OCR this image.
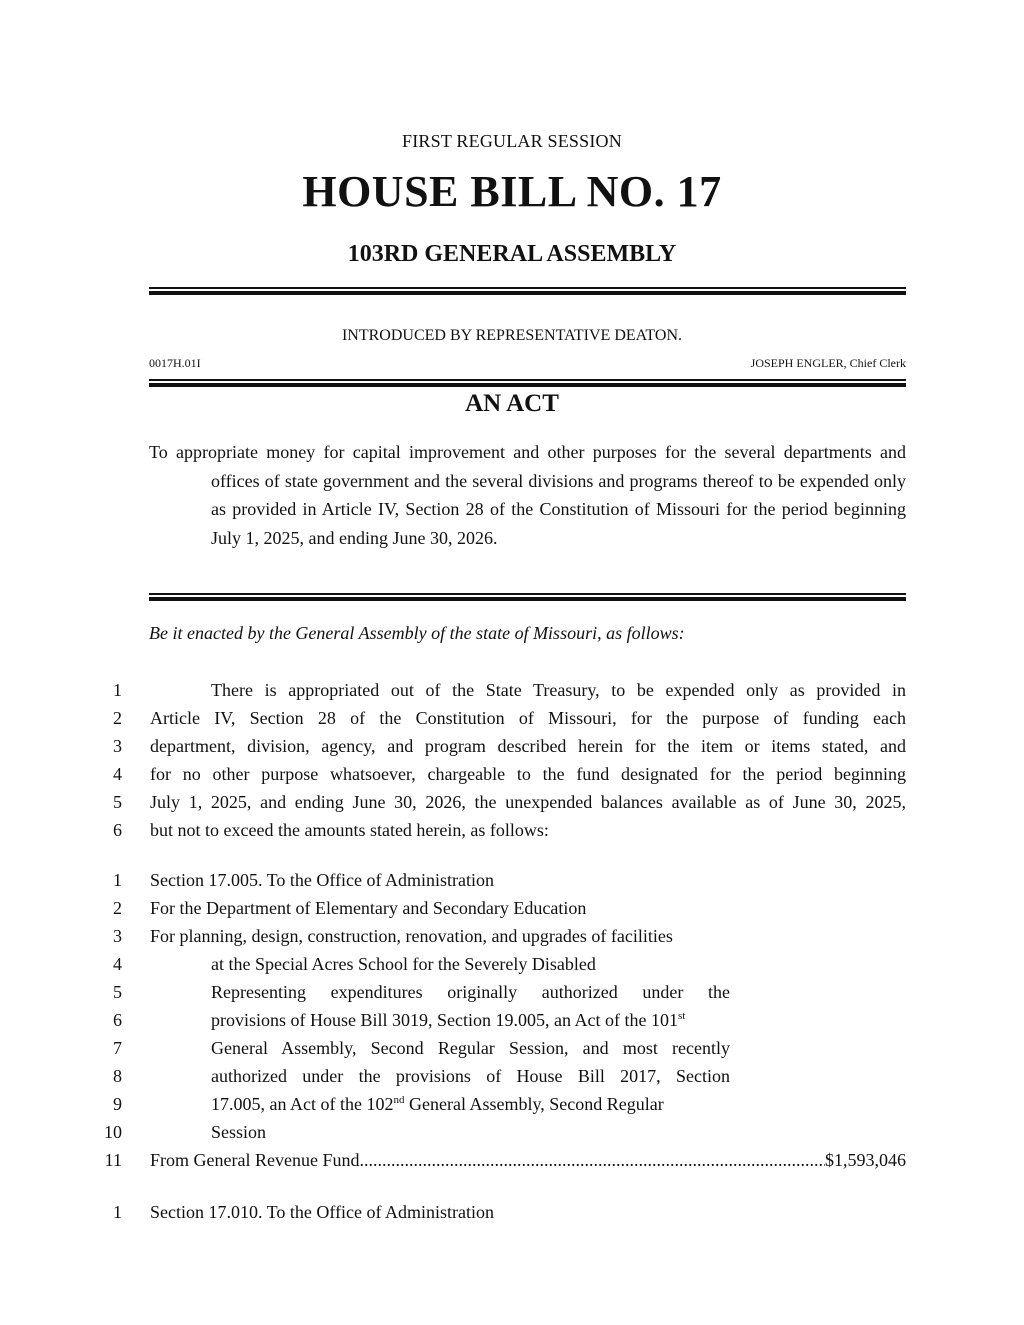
FIRST REGULAR SESSION
HOUSE BILL NO. 17
103RD GENERAL ASSEMBLY
INTRODUCED BY REPRESENTATIVE DEATON.
0017H.01I	JOSEPH ENGLER, Chief Clerk
AN ACT
To appropriate money for capital improvement and other purposes for the several departments and offices of state government and the several divisions and programs thereof to be expended only as provided in Article IV, Section 28 of the Constitution of Missouri for the period beginning July 1, 2025, and ending June 30, 2026.
Be it enacted by the General Assembly of the state of Missouri, as follows:
1	There is appropriated out of the State Treasury, to be expended only as provided in
2 Article IV, Section 28 of the Constitution of Missouri, for the purpose of funding each
3 department, division, agency, and program described herein for the item or items stated, and
4 for no other purpose whatsoever, chargeable to the fund designated for the period beginning
5 July 1, 2025, and ending June 30, 2026, the unexpended balances available as of June 30, 2025,
6 but not to exceed the amounts stated herein, as follows:
1 Section 17.005. To the Office of Administration
2 For the Department of Elementary and Secondary Education
3 For planning, design, construction, renovation, and upgrades of facilities
4	at the Special Acres School for the Severely Disabled
5	Representing expenditures originally authorized under the
6	provisions of House Bill 3019, Section 19.005, an Act of the 101st
7	General Assembly, Second Regular Session, and most recently
8	authorized under the provisions of House Bill 2017, Section
9	17.005, an Act of the 102nd General Assembly, Second Regular
10	Session
11 From General Revenue Fund
.....	$1,593,046
1 Section 17.010. To the Office of Administration
